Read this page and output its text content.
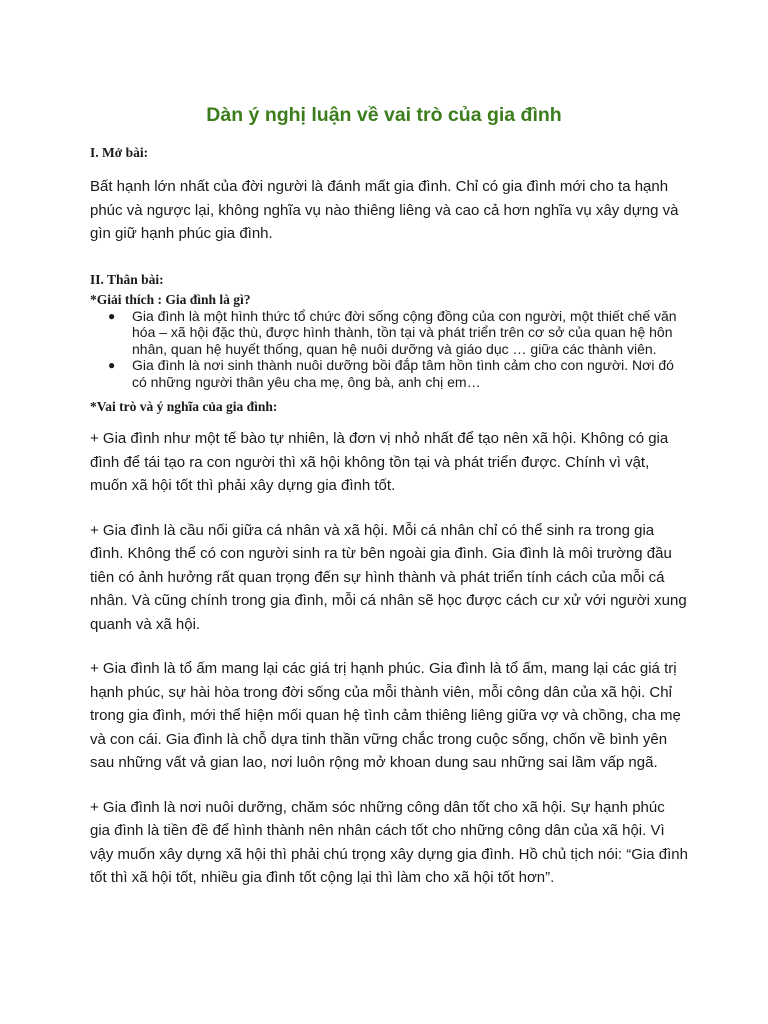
Dàn ý nghị luận về vai trò của gia đình

I. Mở bài:

Bất hạnh lớn nhất của đời người là đánh mất gia đình. Chỉ có gia đình mới cho ta hạnh phúc và ngược lại, không nghĩa vụ nào thiêng liêng và cao cả hơn nghĩa vụ xây dựng và gìn giữ hạnh phúc gia đình.

II. Thân bài:

*Giải thích : Gia đình là gì?

● Gia đình là một hình thức tổ chức đời sống cộng đồng của con người, một thiết chế văn hóa – xã hội đặc thù, được hình thành, tồn tại và phát triển trên cơ sở của quan hệ hôn nhân, quan hệ huyết thống, quan hệ nuôi dưỡng và giáo dục … giữa các thành viên.
● Gia đình là nơi sinh thành nuôi dưỡng bồi đắp tâm hồn tình cảm cho con người. Nơi đó có những người thân yêu cha mẹ, ông bà, anh chị em…

*Vai trò và ý nghĩa của gia đình:

+ Gia đình như một tế bào tự nhiên, là đơn vị nhỏ nhất để tạo nên xã hội. Không có gia đình để tái tạo ra con người thì xã hội không tồn tại và phát triển được. Chính vì vật, muốn xã hội tốt thì phải xây dựng gia đình tốt.

+ Gia đình là cầu nối giữa cá nhân và xã hội. Mỗi cá nhân chỉ có thể sinh ra trong gia đình. Không thể có con người sinh ra từ bên ngoài gia đình. Gia đình là môi trường đầu tiên có ảnh hưởng rất quan trọng đến sự hình thành và phát triển tính cách của mỗi cá nhân. Và cũng chính trong gia đình, mỗi cá nhân sẽ học được cách cư xử với người xung quanh và xã hội.

+ Gia đình là tổ ấm mang lại các giá trị hạnh phúc. Gia đình là tổ ấm, mang lại các giá trị hạnh phúc, sự hài hòa trong đời sống của mỗi thành viên, mỗi công dân của xã hội. Chỉ trong gia đình, mới thể hiện mối quan hệ tình cảm thiêng liêng giữa vợ và chồng, cha mẹ và con cái. Gia đình là chỗ dựa tinh thần vững chắc trong cuộc sống, chốn về bình yên sau những vất vả gian lao, nơi luôn rộng mở khoan dung sau những sai lầm vấp ngã.

+ Gia đình là nơi nuôi dưỡng, chăm sóc những công dân tốt cho xã hội. Sự hạnh phúc gia đình là tiền đề để hình thành nên nhân cách tốt cho những công dân của xã hội. Vì vậy muốn xây dựng xã hội thì phải chú trọng xây dựng gia đình. Hồ chủ tịch nói: “Gia đình tốt thì xã hội tốt, nhiều gia đình tốt cộng lại thì làm cho xã hội tốt hơn”.
